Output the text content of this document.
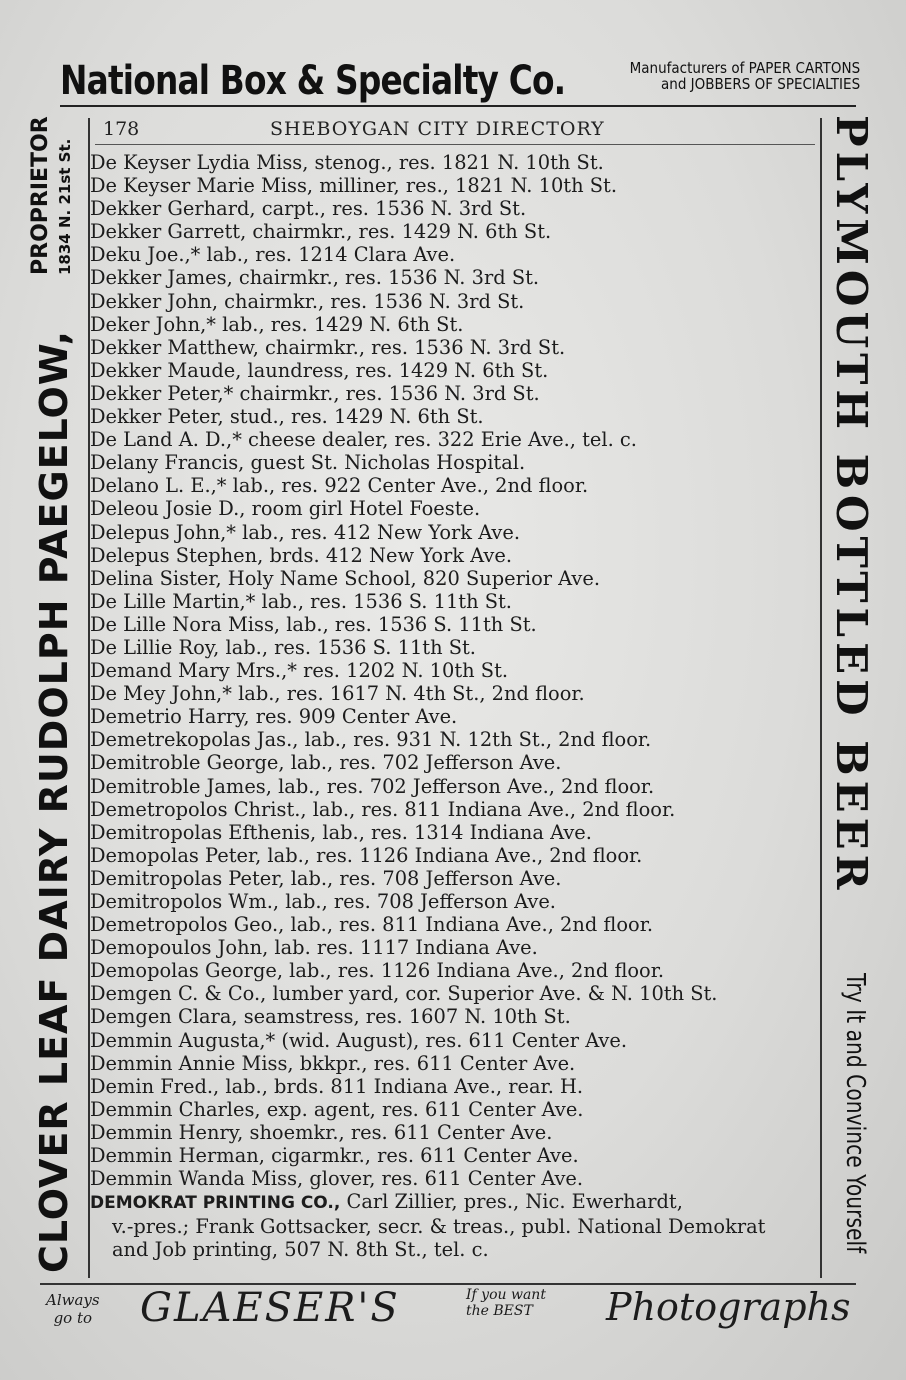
National Box & Specialty Co.	Manufacturers of PAPER CARTONS
and JOBBERS OF SPECIALTIES
CLOVER LEAF DAIRY RUDOLPH PAEGELOW,
PROPRIETOR 1834 N. 21st St.	PLYMOUTH BOTTLED BEER
Try It and Convince Yourself
178	SHEBOYGAN CITY DIRECTORY
De Keyser Lydia Miss, stenog., res. 1821 N. 10th St.
De Keyser Marie Miss, milliner, res., 1821 N. 10th St.
Dekker Gerhard, carpt., res. 1536 N. 3rd St.
Dekker Garrett, chairmkr., res. 1429 N. 6th St.
Deku Joe.,* lab., res. 1214 Clara Ave.
Dekker James, chairmkr., res. 1536 N. 3rd St.
Dekker John, chairmkr., res. 1536 N. 3rd St.
Deker John,* lab., res. 1429 N. 6th St.
Dekker Matthew, chairmkr., res. 1536 N. 3rd St.
Dekker Maude, laundress, res. 1429 N. 6th St.
Dekker Peter,* chairmkr., res. 1536 N. 3rd St.
Dekker Peter, stud., res. 1429 N. 6th St.
De Land A. D.,* cheese dealer, res. 322 Erie Ave., tel. c.
Delany Francis, guest St. Nicholas Hospital.
Delano L. E.,* lab., res. 922 Center Ave., 2nd floor.
Deleou Josie D., room girl Hotel Foeste.
Delepus John,* lab., res. 412 New York Ave.
Delepus Stephen, brds. 412 New York Ave.
Delina Sister, Holy Name School, 820 Superior Ave.
De Lille Martin,* lab., res. 1536 S. 11th St.
De Lille Nora Miss, lab., res. 1536 S. 11th St.
De Lillie Roy, lab., res. 1536 S. 11th St.
Demand Mary Mrs.,* res. 1202 N. 10th St.
De Mey John,* lab., res. 1617 N. 4th St., 2nd floor.
Demetrio Harry, res. 909 Center Ave.
Demetrekopolas Jas., lab., res. 931 N. 12th St., 2nd floor.
Demitroble George, lab., res. 702 Jefferson Ave.
Demitroble James, lab., res. 702 Jefferson Ave., 2nd floor.
Demetropolos Christ., lab., res. 811 Indiana Ave., 2nd floor.
Demitropolas Efthenis, lab., res. 1314 Indiana Ave.
Demopolas Peter, lab., res. 1126 Indiana Ave., 2nd floor.
Demitropolas Peter, lab., res. 708 Jefferson Ave.
Demitropolos Wm., lab., res. 708 Jefferson Ave.
Demetropolos Geo., lab., res. 811 Indiana Ave., 2nd floor.
Demopoulos John, lab. res. 1117 Indiana Ave.
Demopolas George, lab., res. 1126 Indiana Ave., 2nd floor.
Demgen C. & Co., lumber yard, cor. Superior Ave. & N. 10th St.
Demgen Clara, seamstress, res. 1607 N. 10th St.
Demmin Augusta,* (wid. August), res. 611 Center Ave.
Demmin Annie Miss, bkkpr., res. 611 Center Ave.
Demin Fred., lab., brds. 811 Indiana Ave., rear. H.
Demmin Charles, exp. agent, res. 611 Center Ave.
Demmin Henry, shoemkr., res. 611 Center Ave.
Demmin Herman, cigarmkr., res. 611 Center Ave.
Demmin Wanda Miss, glover, res. 611 Center Ave.
DEMOKRAT PRINTING CO., Carl Zillier, pres., Nic. Ewerhardt,
v.-pres.; Frank Gottsacker, secr. & treas., publ. National Demokrat
and Job printing, 507 N. 8th St., tel. c.
Always
go to GLAESER'S	If you want
the BEST	Photographs
